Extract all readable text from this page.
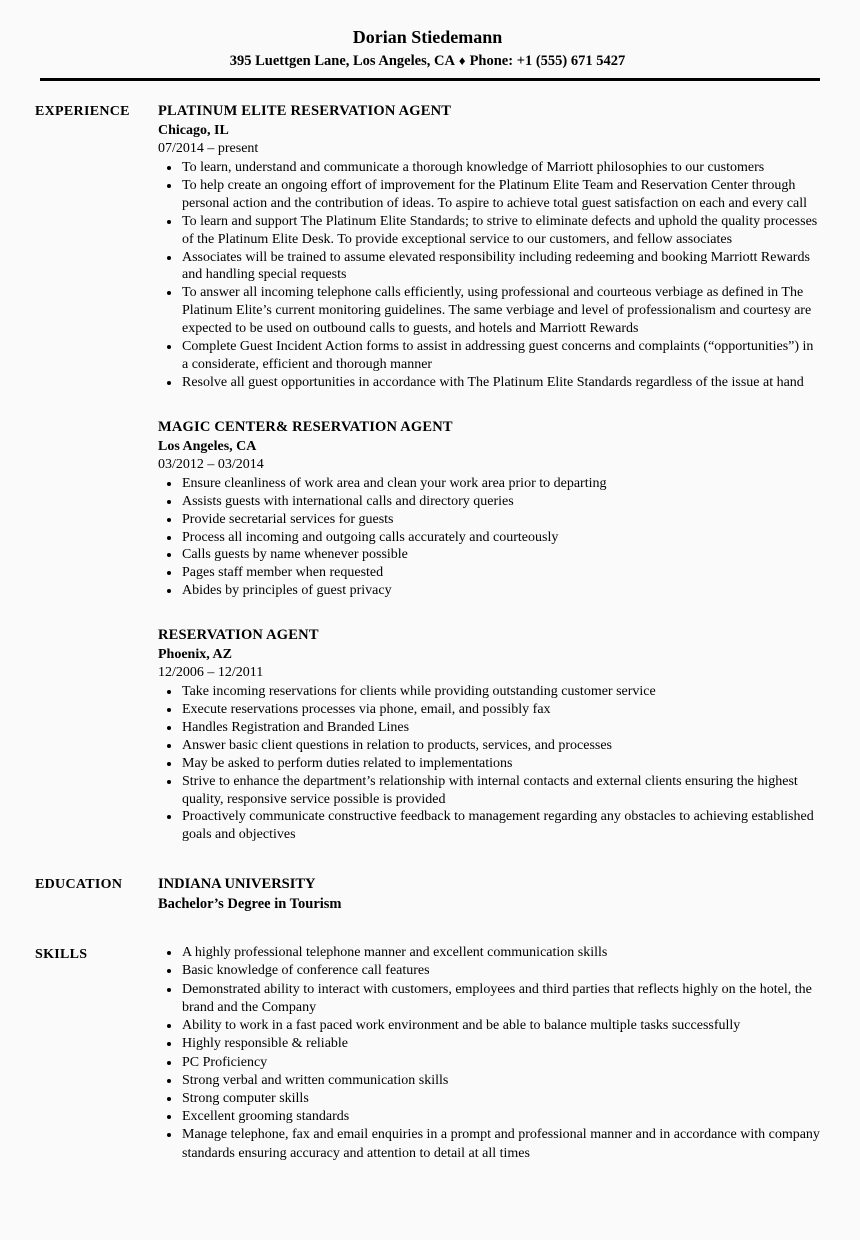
Dorian Stiedemann

395 Luettgen Lane, Los Angeles, CA ♦ Phone: +1 (555) 671 5427

EXPERIENCE	PLATINUM ELITE RESERVATION AGENT
Chicago, IL
07/2014 – present
• To learn, understand and communicate a thorough knowledge of Marriott philosophies to our customers
• To help create an ongoing effort of improvement for the Platinum Elite Team and Reservation Center through personal action and the contribution of ideas. To aspire to achieve total guest satisfaction on each and every call
• To learn and support The Platinum Elite Standards; to strive to eliminate defects and uphold the quality processes of the Platinum Elite Desk. To provide exceptional service to our customers, and fellow associates
• Associates will be trained to assume elevated responsibility including redeeming and booking Marriott Rewards and handling special requests
• To answer all incoming telephone calls efficiently, using professional and courteous verbiage as defined in The Platinum Elite’s current monitoring guidelines. The same verbiage and level of professionalism and courtesy are expected to be used on outbound calls to guests, and hotels and Marriott Rewards
• Complete Guest Incident Action forms to assist in addressing guest concerns and complaints (“opportunities”) in a considerate, efficient and thorough manner
• Resolve all guest opportunities in accordance with The Platinum Elite Standards regardless of the issue at hand
MAGIC CENTER& RESERVATION AGENT
Los Angeles, CA
03/2012 – 03/2014
• Ensure cleanliness of work area and clean your work area prior to departing
• Assists guests with international calls and directory queries
• Provide secretarial services for guests
• Process all incoming and outgoing calls accurately and courteously
• Calls guests by name whenever possible
• Pages staff member when requested
• Abides by principles of guest privacy
RESERVATION AGENT
Phoenix, AZ
12/2006 – 12/2011
• Take incoming reservations for clients while providing outstanding customer service
• Execute reservations processes via phone, email, and possibly fax
• Handles Registration and Branded Lines
• Answer basic client questions in relation to products, services, and processes
• May be asked to perform duties related to implementations
• Strive to enhance the department’s relationship with internal contacts and external clients ensuring the highest quality, responsive service possible is provided
• Proactively communicate constructive feedback to management regarding any obstacles to achieving established goals and objectives
EDUCATION	INDIANA UNIVERSITY
Bachelor’s Degree in Tourism
SKILLS	• A highly professional telephone manner and excellent communication skills
• Basic knowledge of conference call features
• Demonstrated ability to interact with customers, employees and third parties that reflects highly on the hotel, the brand and the Company
• Ability to work in a fast paced work environment and be able to balance multiple tasks successfully
• Highly responsible & reliable
• PC Proficiency
• Strong verbal and written communication skills
• Strong computer skills
• Excellent grooming standards
• Manage telephone, fax and email enquiries in a prompt and professional manner and in accordance with company standards ensuring accuracy and attention to detail at all times
